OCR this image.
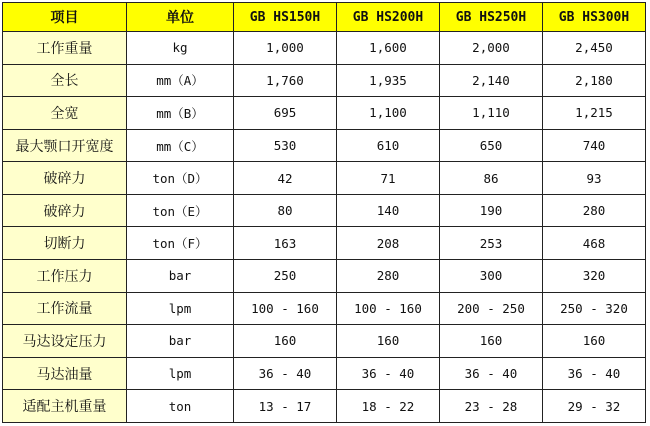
项目	单位	GB HS150H	GB HS200H	GB HS250H	GB HS300H
工作重量	kg	1,000	1,600	2,000	2,450
全长	mm（A）	1,760	1,935	2,140	2,180
全宽	mm（B）	695	1,100	1,110	1,215
最大颚口开宽度	mm（C）	530	610	650	740
破碎力	ton（D）	42	71	86	93
破碎力	ton（E）	80	140	190	280
切断力	ton（F）	163	208	253	468
工作压力	bar	250	280	300	320
工作流量	lpm	100 - 160	100 - 160	200 - 250	250 - 320
马达设定压力	bar	160	160	160	160
马达油量	lpm	36 - 40	36 - 40	36 - 40	36 - 40
适配主机重量	ton	13 - 17	18 - 22	23 - 28	29 - 32
